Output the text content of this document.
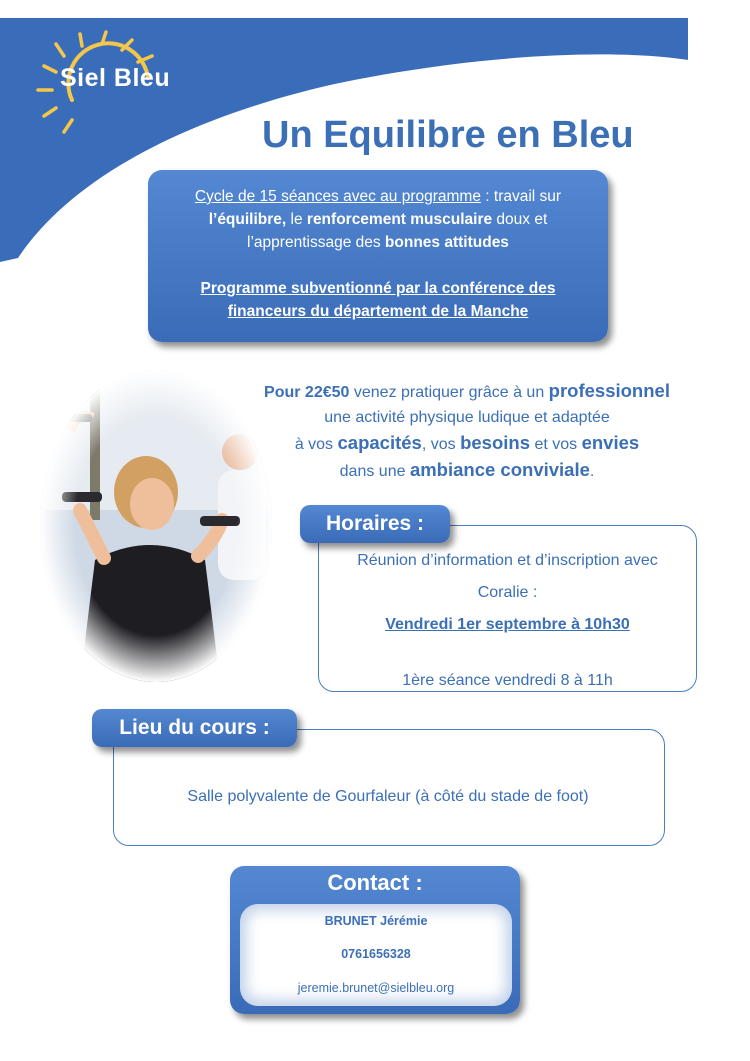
Siel Bleu
Un Equilibre en Bleu
Cycle de 15 séances avec au programme : travail sur
l’équilibre, le renforcement musculaire doux et
l’apprentissage des bonnes attitudes
Programme subventionné par la conférence des
financeurs du département de la Manche
Pour 22€50 venez pratiquer grâce à un professionnel
une activité physique ludique et adaptée
à vos capacités, vos besoins et vos envies
dans une ambiance conviviale.
Réunion d’information et d’inscription avec
Coralie :
Vendredi 1er septembre à 10h30
1ère séance vendredi 8 à 11h
Horaires :
Lieu du cours :
Salle polyvalente de Gourfaleur (à côté du stade de foot)
Contact :
BRUNET Jérémie
0761656328
jeremie.brunet@sielbleu.org
